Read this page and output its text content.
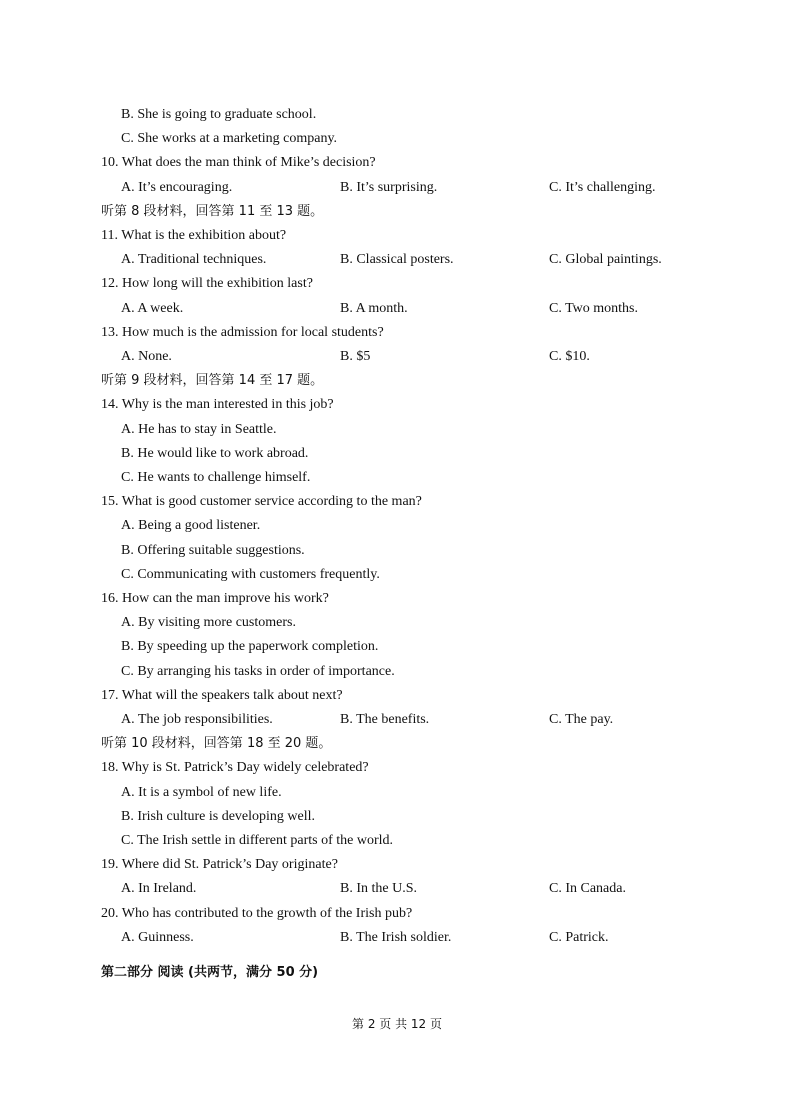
B. She is going to graduate school.
C. She works at a marketing company.
10. What does the man think of Mike’s decision?
A. It’s encouraging.	B. It’s surprising.	C. It’s challenging.
听第 8 段材料，回答第 11 至 13 题。
11. What is the exhibition about?
A. Traditional techniques.	B. Classical posters.	C. Global paintings.
12. How long will the exhibition last?
A. A week.	B. A month.	C. Two months.
13. How much is the admission for local students?
A. None.	B. $5	C. $10.
听第 9 段材料，回答第 14 至 17 题。
14. Why is the man interested in this job?
A. He has to stay in Seattle.
B. He would like to work abroad.
C. He wants to challenge himself.
15. What is good customer service according to the man?
A. Being a good listener.
B. Offering suitable suggestions.
C. Communicating with customers frequently.
16. How can the man improve his work?
A. By visiting more customers.
B. By speeding up the paperwork completion.
C. By arranging his tasks in order of importance.
17. What will the speakers talk about next?
A. The job responsibilities.	B. The benefits.	C. The pay.
听第 10 段材料，回答第 18 至 20 题。
18. Why is St. Patrick’s Day widely celebrated?
A. It is a symbol of new life.
B. Irish culture is developing well.
C. The Irish settle in different parts of the world.
19. Where did St. Patrick’s Day originate?
A. In Ireland.	B. In the U.S.	C. In Canada.
20. Who has contributed to the growth of the Irish pub?
A. Guinness.	B. The Irish soldier.	C. Patrick.
第二部分 阅读 (共两节，满分 50 分)
第 2 页 共 12 页
